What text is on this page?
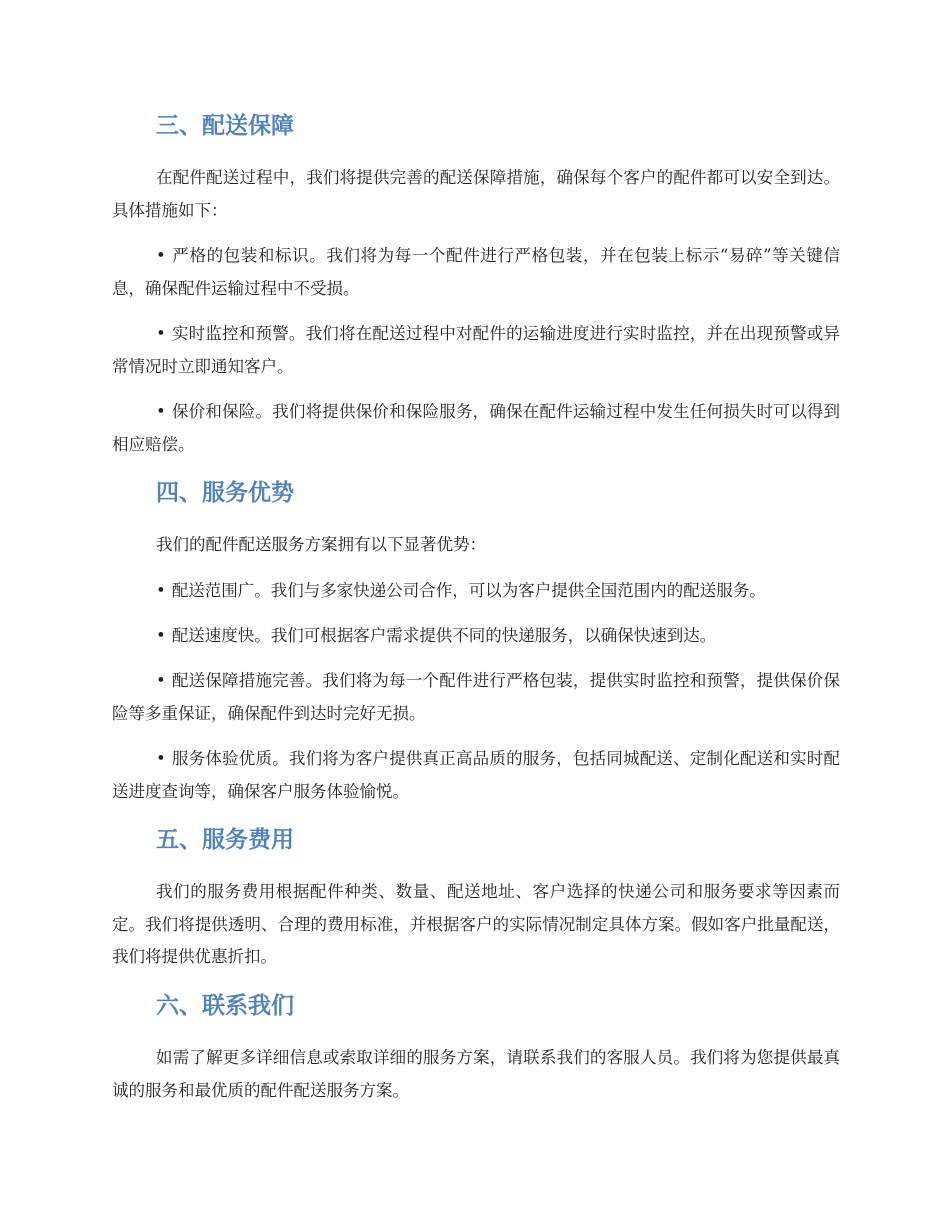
三、配送保障

在配件配送过程中，我们将提供完善的配送保障措施，确保每个客户的配件都可以安全到达。具体措施如下：

• 严格的包装和标识。我们将为每一个配件进行严格包装，并在包装上标示“易碎”等关键信息，确保配件运输过程中不受损。

• 实时监控和预警。我们将在配送过程中对配件的运输进度进行实时监控，并在出现预警或异常情况时立即通知客户。

• 保价和保险。我们将提供保价和保险服务，确保在配件运输过程中发生任何损失时可以得到相应赔偿。

四、服务优势

我们的配件配送服务方案拥有以下显著优势：

• 配送范围广。我们与多家快递公司合作，可以为客户提供全国范围内的配送服务。

• 配送速度快。我们可根据客户需求提供不同的快递服务，以确保快速到达。

• 配送保障措施完善。我们将为每一个配件进行严格包装，提供实时监控和预警，提供保价保险等多重保证，确保配件到达时完好无损。

• 服务体验优质。我们将为客户提供真正高品质的服务，包括同城配送、定制化配送和实时配送进度查询等，确保客户服务体验愉悦。

五、服务费用

我们的服务费用根据配件种类、数量、配送地址、客户选择的快递公司和服务要求等因素而定。我们将提供透明、合理的费用标准，并根据客户的实际情况制定具体方案。假如客户批量配送，我们将提供优惠折扣。

六、联系我们

如需了解更多详细信息或索取详细的服务方案，请联系我们的客服人员。我们将为您提供最真诚的服务和最优质的配件配送服务方案。
